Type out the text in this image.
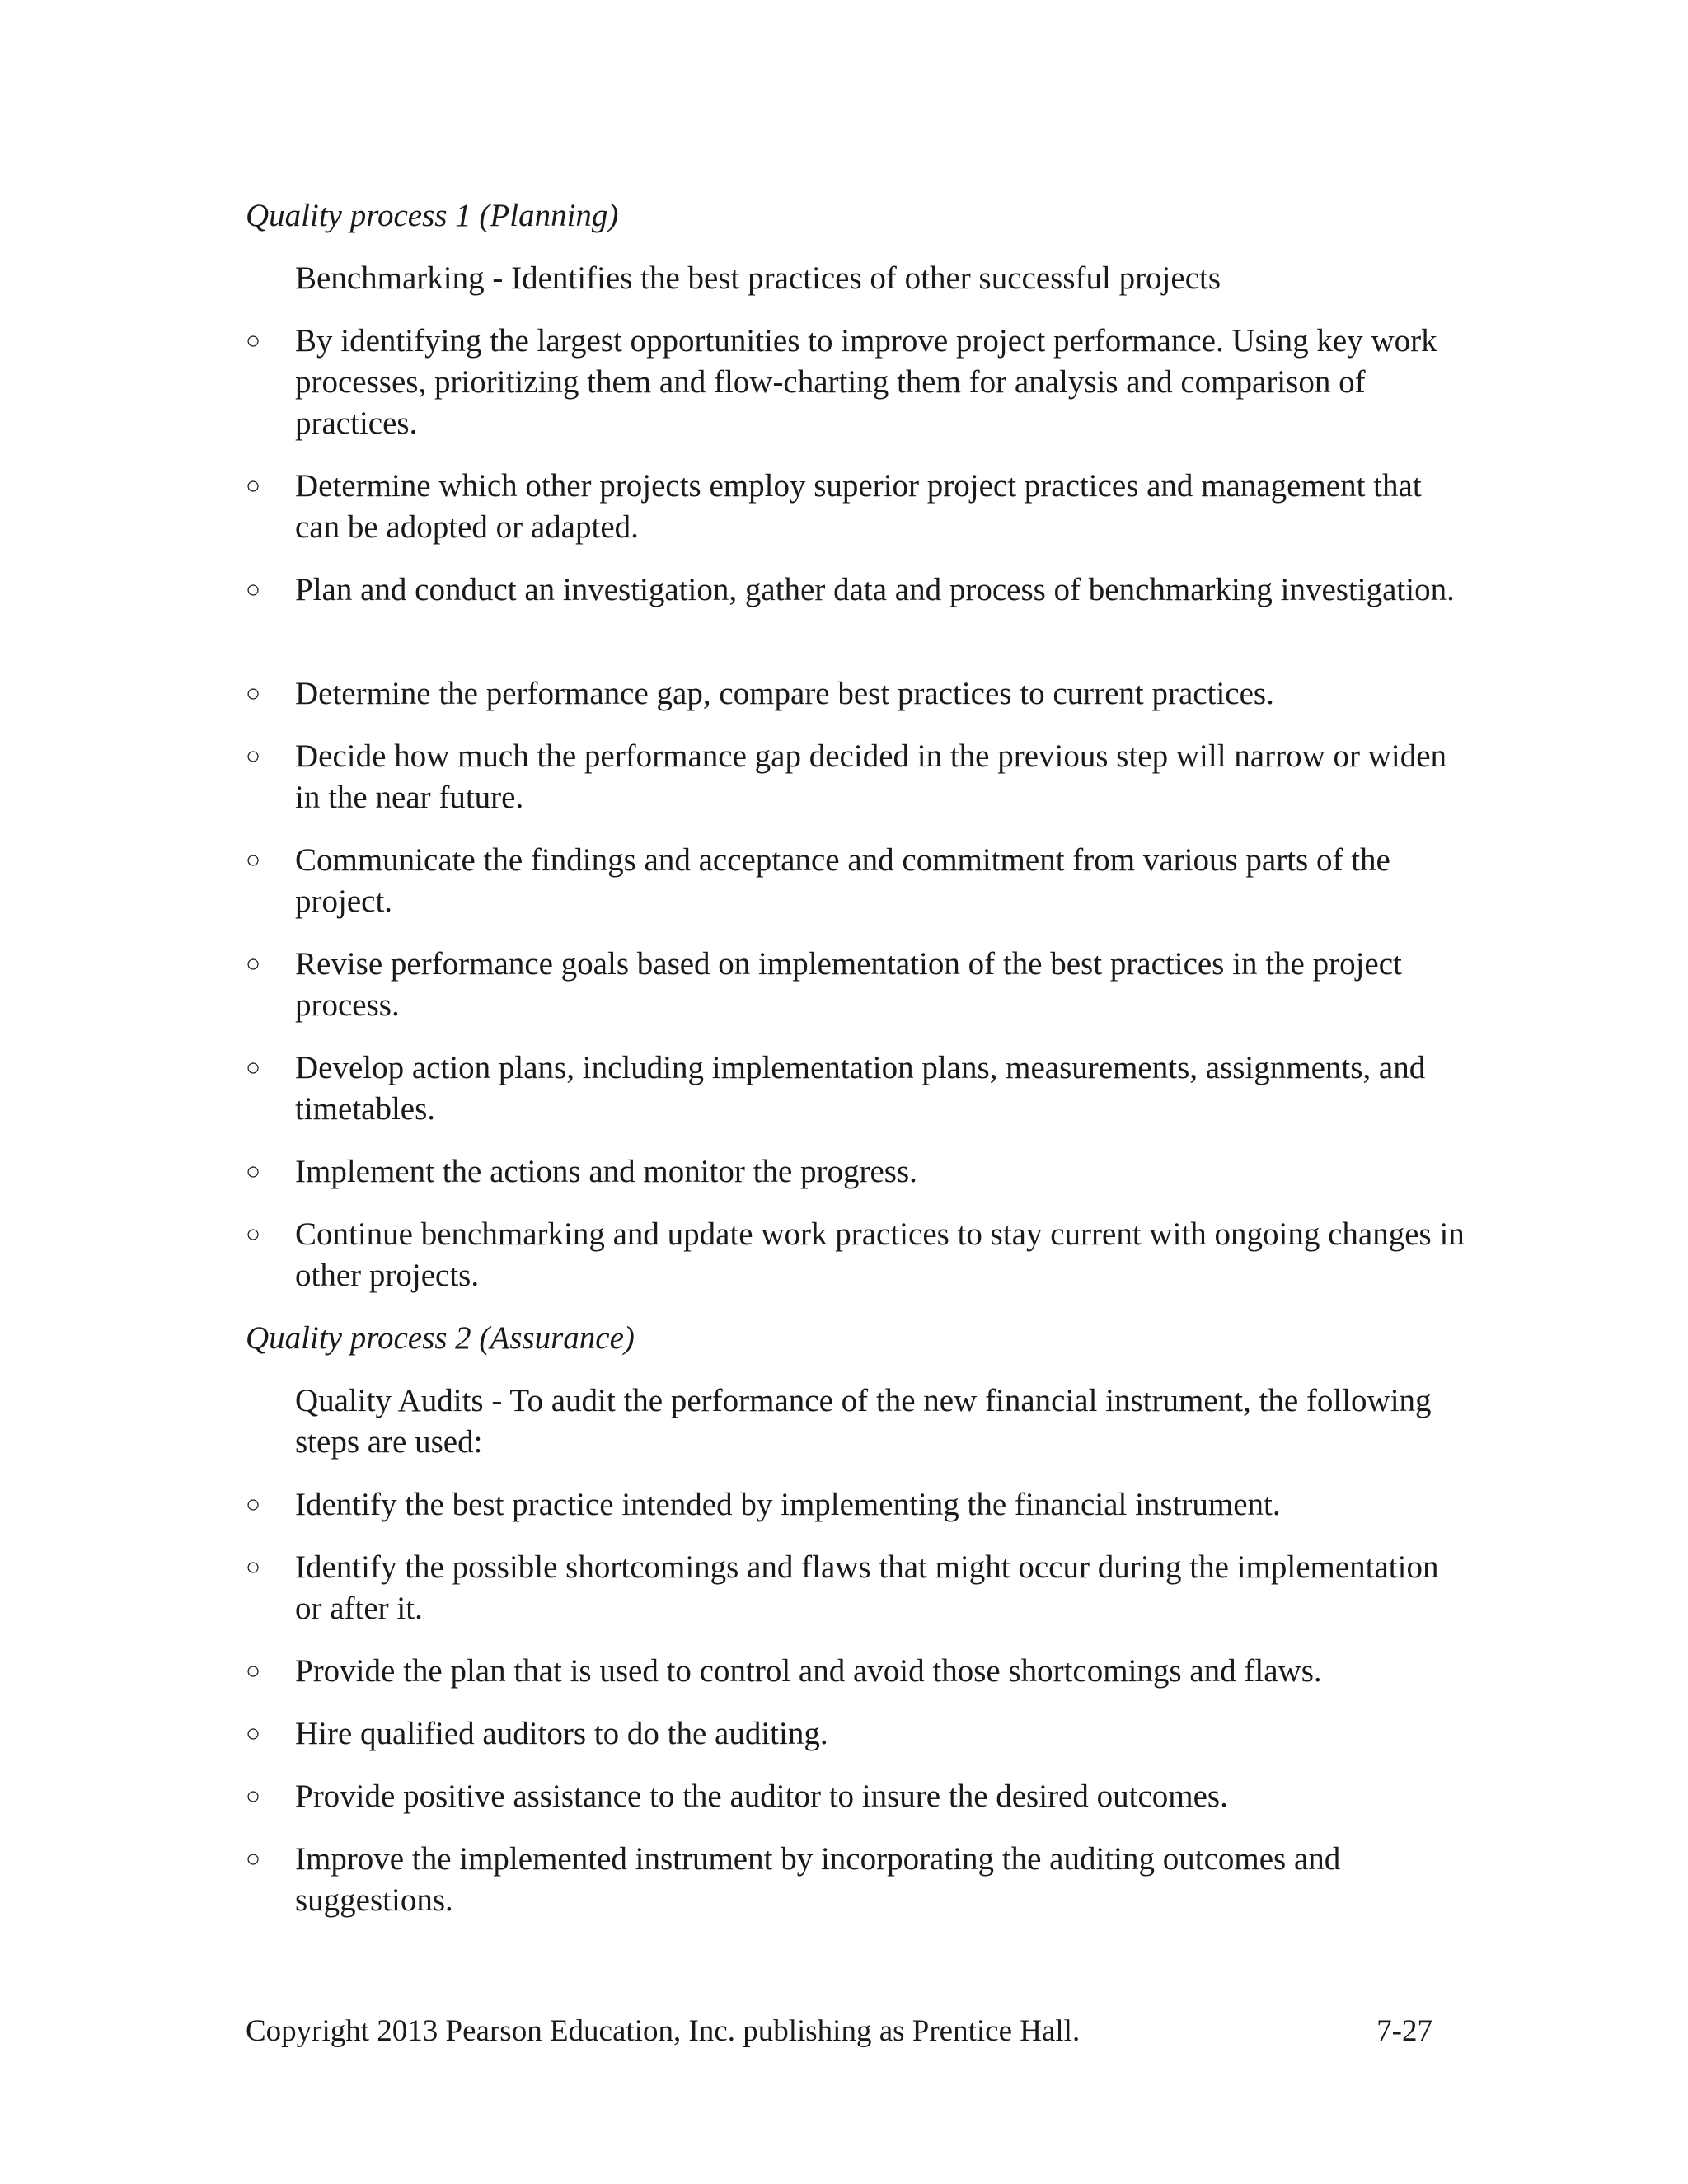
Quality process 1 (Planning)
Benchmarking - Identifies the best practices of other successful projects
○	By identifying the largest opportunities to improve project performance. Using key work processes, prioritizing them and flow-charting them for analysis and comparison of practices.
○	Determine which other projects employ superior project practices and management that can be adopted or adapted.
○	Plan and conduct an investigation, gather data and process of benchmarking investigation.
○	Determine the performance gap, compare best practices to current practices.
○	Decide how much the performance gap decided in the previous step will narrow or widen in the near future.
○	Communicate the findings and acceptance and commitment from various parts of the project.
○	Revise performance goals based on implementation of the best practices in the project process.
○	Develop action plans, including implementation plans, measurements, assignments, and timetables.
○	Implement the actions and monitor the progress.
○	Continue benchmarking and update work practices to stay current with ongoing changes in other projects.
Quality process 2 (Assurance)
Quality Audits - To audit the performance of the new financial instrument, the following steps are used:
○	Identify the best practice intended by implementing the financial instrument.
○	Identify the possible shortcomings and flaws that might occur during the implementation or after it.
○	Provide the plan that is used to control and avoid those shortcomings and flaws.
○	Hire qualified auditors to do the auditing.
○	Provide positive assistance to the auditor to insure the desired outcomes.
○	Improve the implemented instrument by incorporating the auditing outcomes and suggestions.
Copyright 2013 Pearson Education, Inc. publishing as Prentice Hall.	7-27
